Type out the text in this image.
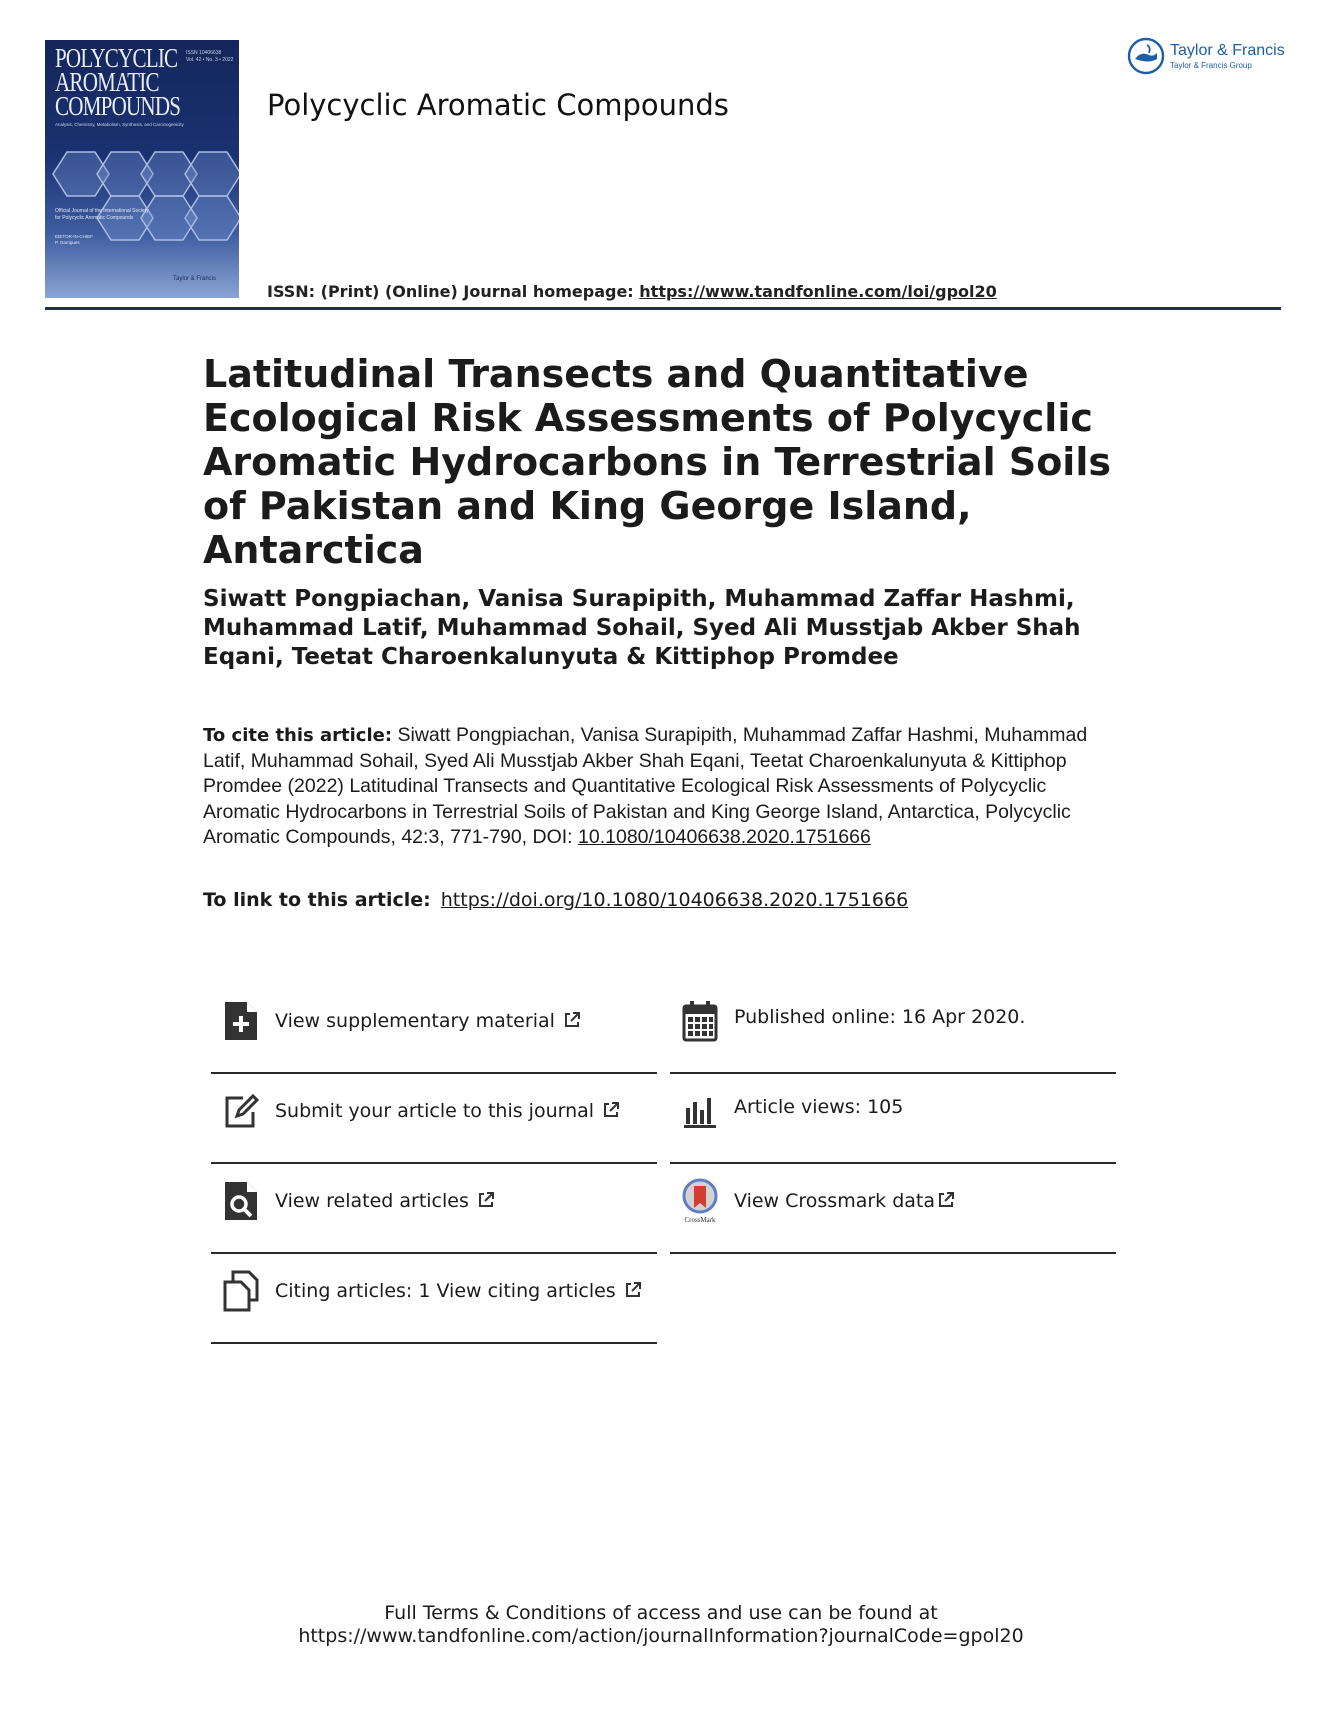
POLYCYCLIC
AROMATIC
COMPOUNDS
ISSN 10406638
Vol. 42 • No. 3 • 2022
Analysis, Chemistry, Metabolism, Synthesis, and Carcinogenicity
Official Journal of the International Society for Polycyclic Aromatic Compounds
EDITOR-IN-CHIEF
P. Garrigues
Taylor & Francis
Polycyclic Aromatic Compounds
Taylor & Francis
Taylor & Francis Group
ISSN: (Print) (Online) Journal homepage: https://www.tandfonline.com/loi/gpol20
Latitudinal Transects and Quantitative Ecological Risk Assessments of Polycyclic Aromatic Hydrocarbons in Terrestrial Soils of Pakistan and King George Island, Antarctica
Siwatt Pongpiachan, Vanisa Surapipith, Muhammad Zaffar Hashmi, Muhammad Latif, Muhammad Sohail, Syed Ali Musstjab Akber Shah Eqani, Teetat Charoenkalunyuta & Kittiphop Promdee
To cite this article: Siwatt Pongpiachan, Vanisa Surapipith, Muhammad Zaffar Hashmi, Muhammad Latif, Muhammad Sohail, Syed Ali Musstjab Akber Shah Eqani, Teetat Charoenkalunyuta & Kittiphop Promdee (2022) Latitudinal Transects and Quantitative Ecological Risk Assessments of Polycyclic Aromatic Hydrocarbons in Terrestrial Soils of Pakistan and King George Island, Antarctica, Polycyclic Aromatic Compounds, 42:3, 771-790, DOI: 10.1080/10406638.2020.1751666
To link to this article: https://doi.org/10.1080/10406638.2020.1751666
View supplementary material	Published online: 16 Apr 2020.
Submit your article to this journal	Article views: 105
View related articles
CrossMark
View Crossmark data
Citing articles: 1 View citing articles
Full Terms & Conditions of access and use can be found at
https://www.tandfonline.com/action/journalInformation?journalCode=gpol20
